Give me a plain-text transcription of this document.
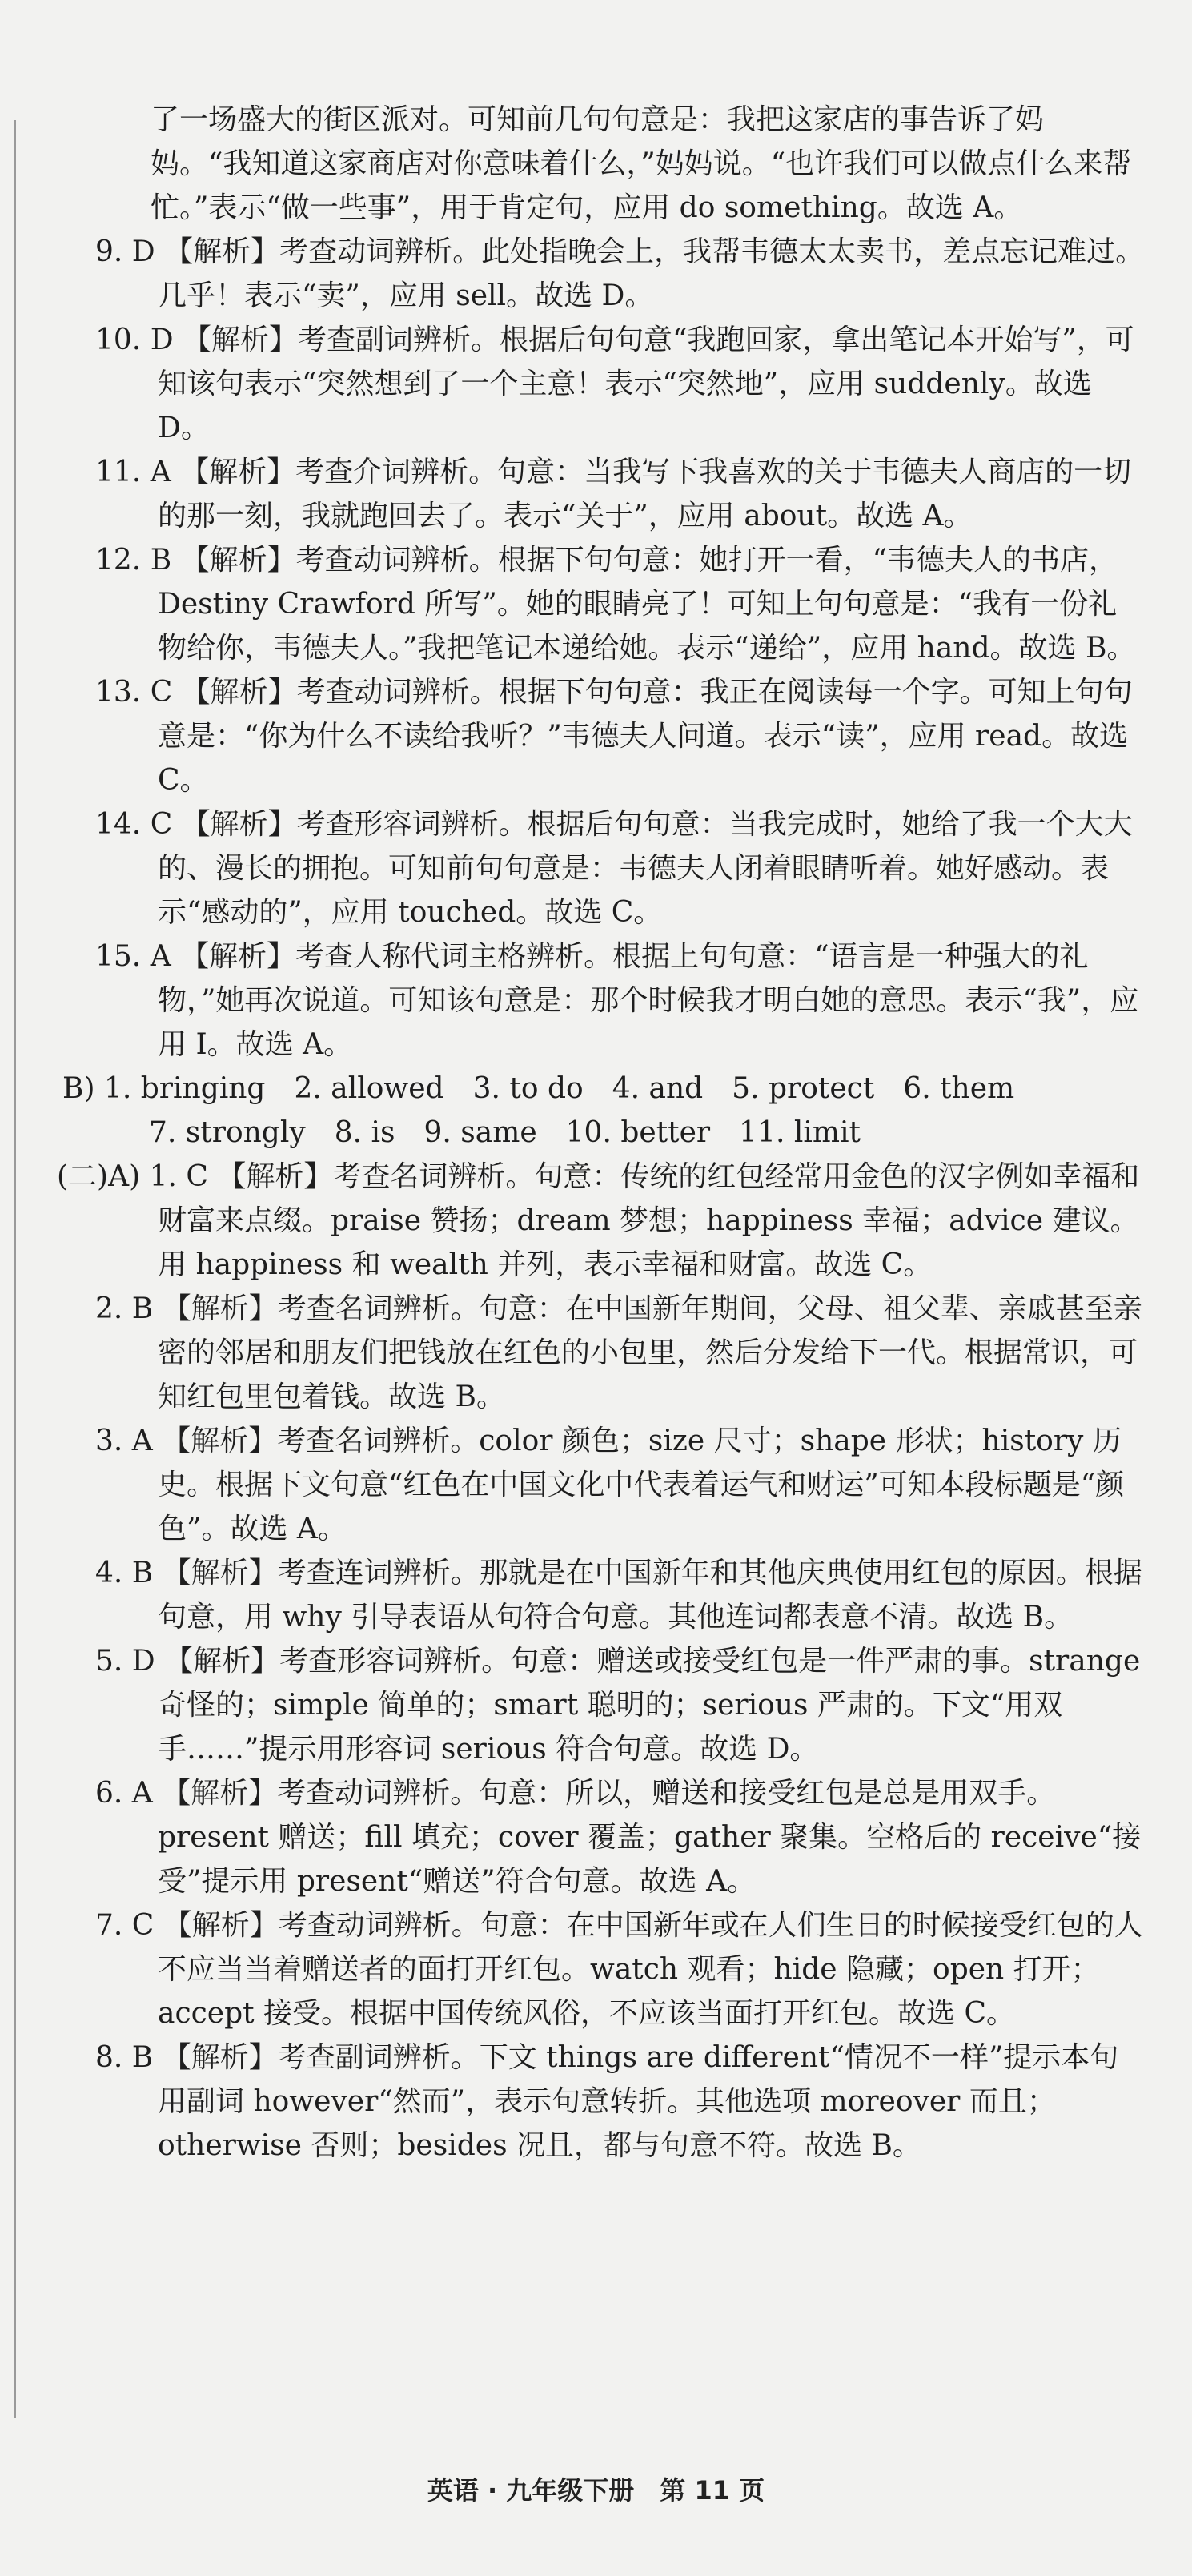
了一场盛大的街区派对。可知前几句句意是：我把这家店的事告诉了妈妈。“我知道这家商店对你意味着什么，”妈妈说。“也许我们可以做点什么来帮忙。”表示“做一些事”，用于肯定句，应用 do something。故选 A。

9. D 【解析】考查动词辨析。此处指晚会上，我帮韦德太太卖书，差点忘记难过。几乎！表示“卖”，应用 sell。故选 D。

10. D 【解析】考查副词辨析。根据后句句意“我跑回家，拿出笔记本开始写”，可知该句表示“突然想到了一个主意！表示“突然地”，应用 suddenly。故选 D。

11. A 【解析】考查介词辨析。句意：当我写下我喜欢的关于韦德夫人商店的一切的那一刻，我就跑回去了。表示“关于”，应用 about。故选 A。

12. B 【解析】考查动词辨析。根据下句句意：她打开一看，“韦德夫人的书店，Destiny Crawford 所写”。她的眼睛亮了！可知上句句意是：“我有一份礼物给你，韦德夫人。”我把笔记本递给她。表示“递给”，应用 hand。故选 B。

13. C 【解析】考查动词辨析。根据下句句意：我正在阅读每一个字。可知上句句意是：“你为什么不读给我听？”韦德夫人问道。表示“读”，应用 read。故选 C。

14. C 【解析】考查形容词辨析。根据后句句意：当我完成时，她给了我一个大大的、漫长的拥抱。可知前句句意是：韦德夫人闭着眼睛听着。她好感动。表示“感动的”，应用 touched。故选 C。

15. A 【解析】考查人称代词主格辨析。根据上句句意：“语言是一种强大的礼物，”她再次说道。可知该句意是：那个时候我才明白她的意思。表示“我”，应用 I。故选 A。

B) 1. bringing　2. allowed　3. to do　4. and　5. protect　6. them

7. strongly　8. is　9. same　10. better　11. limit

(二)A) 1. C 【解析】考查名词辨析。句意：传统的红包经常用金色的汉字例如幸福和财富来点缀。praise 赞扬；dream 梦想；happiness 幸福；advice 建议。用 happiness 和 wealth 并列，表示幸福和财富。故选 C。

2. B 【解析】考查名词辨析。句意：在中国新年期间，父母、祖父辈、亲戚甚至亲密的邻居和朋友们把钱放在红色的小包里，然后分发给下一代。根据常识，可知红包里包着钱。故选 B。

3. A 【解析】考查名词辨析。color 颜色；size 尺寸；shape 形状；history 历史。根据下文句意“红色在中国文化中代表着运气和财运”可知本段标题是“颜色”。故选 A。

4. B 【解析】考查连词辨析。那就是在中国新年和其他庆典使用红包的原因。根据句意，用 why 引导表语从句符合句意。其他连词都表意不清。故选 B。

5. D 【解析】考查形容词辨析。句意：赠送或接受红包是一件严肃的事。strange 奇怪的；simple 简单的；smart 聪明的；serious 严肃的。下文“用双手……”提示用形容词 serious 符合句意。故选 D。

6. A 【解析】考查动词辨析。句意：所以，赠送和接受红包是总是用双手。present 赠送；fill 填充；cover 覆盖；gather 聚集。空格后的 receive“接受”提示用 present“赠送”符合句意。故选 A。

7. C 【解析】考查动词辨析。句意：在中国新年或在人们生日的时候接受红包的人不应当当着赠送者的面打开红包。watch 观看；hide 隐藏；open 打开；accept 接受。根据中国传统风俗，不应该当面打开红包。故选 C。

8. B 【解析】考查副词辨析。下文 things are different“情况不一样”提示本句用副词 however“然而”，表示句意转折。其他选项 moreover 而且；otherwise 否则；besides 况且，都与句意不符。故选 B。

英语 · 九年级下册　第 11 页
